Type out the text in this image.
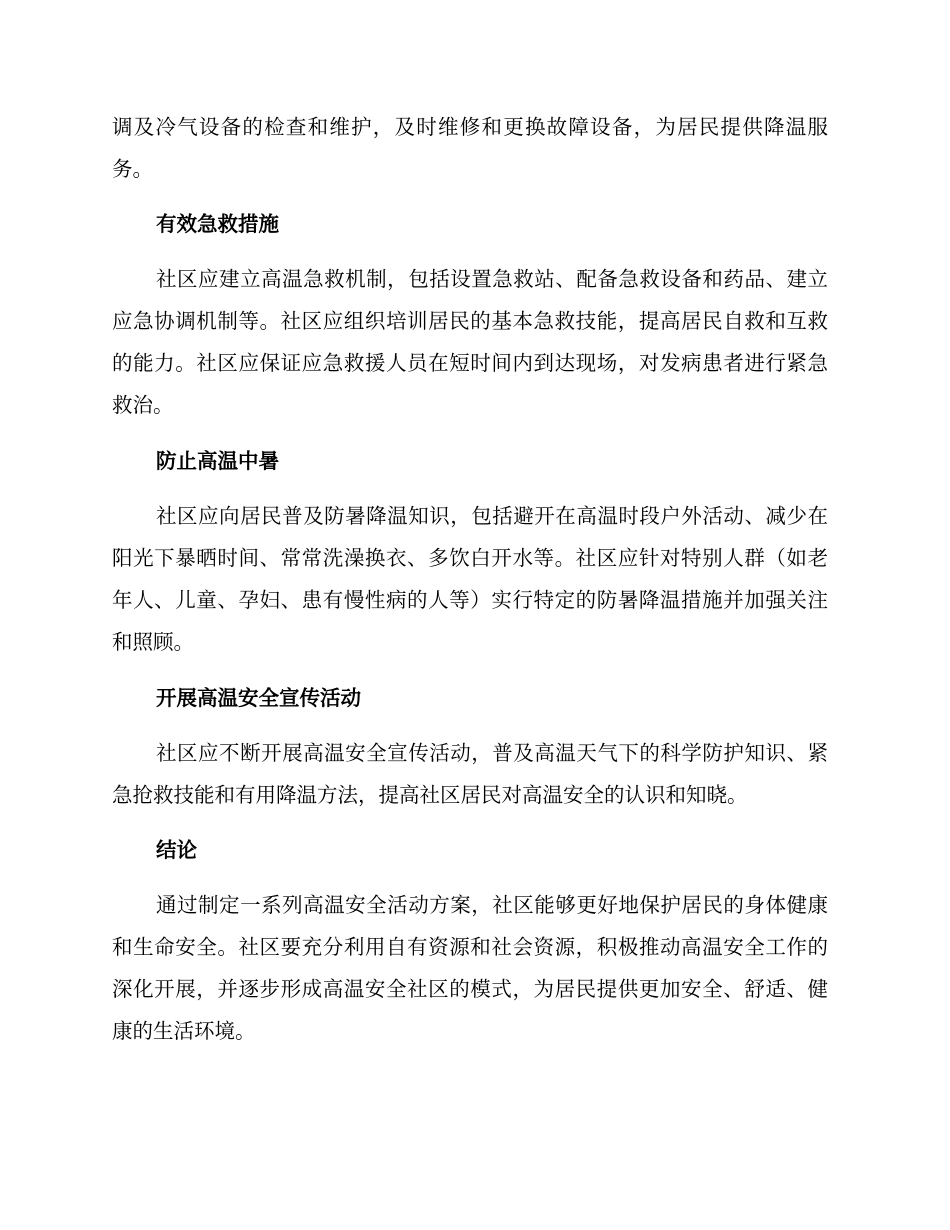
调及冷气设备的检查和维护，及时维修和更换故障设备，为居民提供降温服务。

有效急救措施

社区应建立高温急救机制，包括设置急救站、配备急救设备和药品、建立应急协调机制等。社区应组织培训居民的基本急救技能，提高居民自救和互救的能力。社区应保证应急救援人员在短时间内到达现场，对发病患者进行紧急救治。

防止高温中暑

社区应向居民普及防暑降温知识，包括避开在高温时段户外活动、减少在阳光下暴晒时间、常常洗澡换衣、多饮白开水等。社区应针对特别人群（如老年人、儿童、孕妇、患有慢性病的人等）实行特定的防暑降温措施并加强关注和照顾。

开展高温安全宣传活动

社区应不断开展高温安全宣传活动，普及高温天气下的科学防护知识、紧急抢救技能和有用降温方法，提高社区居民对高温安全的认识和知晓。

结论

通过制定一系列高温安全活动方案，社区能够更好地保护居民的身体健康和生命安全。社区要充分利用自有资源和社会资源，积极推动高温安全工作的深化开展，并逐步形成高温安全社区的模式，为居民提供更加安全、舒适、健康的生活环境。
